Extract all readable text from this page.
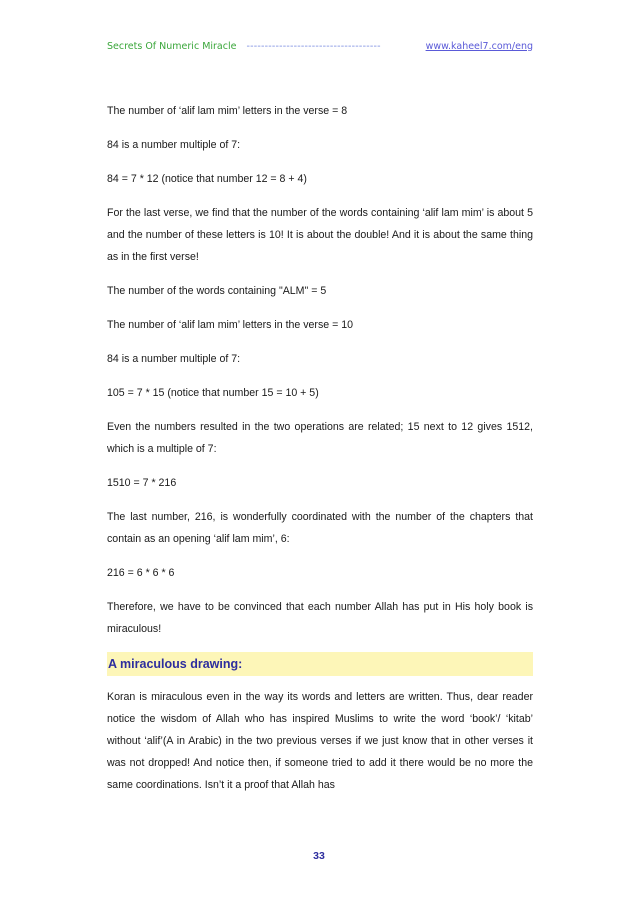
Secrets Of Numeric Miracle -------------------------------------	www.kaheel7.com/eng

The number of ‘alif lam mim’ letters in the verse = 8

84 is a number multiple of 7:

84 = 7 * 12 (notice that number 12 = 8 + 4)

For the last verse, we find that the number of the words containing ‘alif lam mim’ is about 5 and the number of these letters is 10! It is about the double! And it is about the same thing as in the first verse!

The number of the words containing "ALM" = 5

The number of ‘alif lam mim’ letters in the verse = 10

84 is a number multiple of 7:

105 = 7 * 15 (notice that number 15 = 10 + 5)

Even the numbers resulted in the two operations are related; 15 next to 12 gives 1512, which is a multiple of 7:

1510 = 7 * 216

The last number, 216, is wonderfully coordinated with the number of the chapters that contain as an opening ‘alif lam mim’, 6:

216 = 6 * 6 * 6

Therefore, we have to be convinced that each number Allah has put in His holy book is miraculous!

A miraculous drawing:

Koran is miraculous even in the way its words and letters are written. Thus, dear reader notice the wisdom of Allah who has inspired Muslims to write the word ‘book’/ ‘kitab’ without ‘alif’(A in Arabic) in the two previous verses if we just know that in other verses it was not dropped! And notice then, if someone tried to add it there would be no more the same coordinations. Isn’t it a proof that Allah has

33
